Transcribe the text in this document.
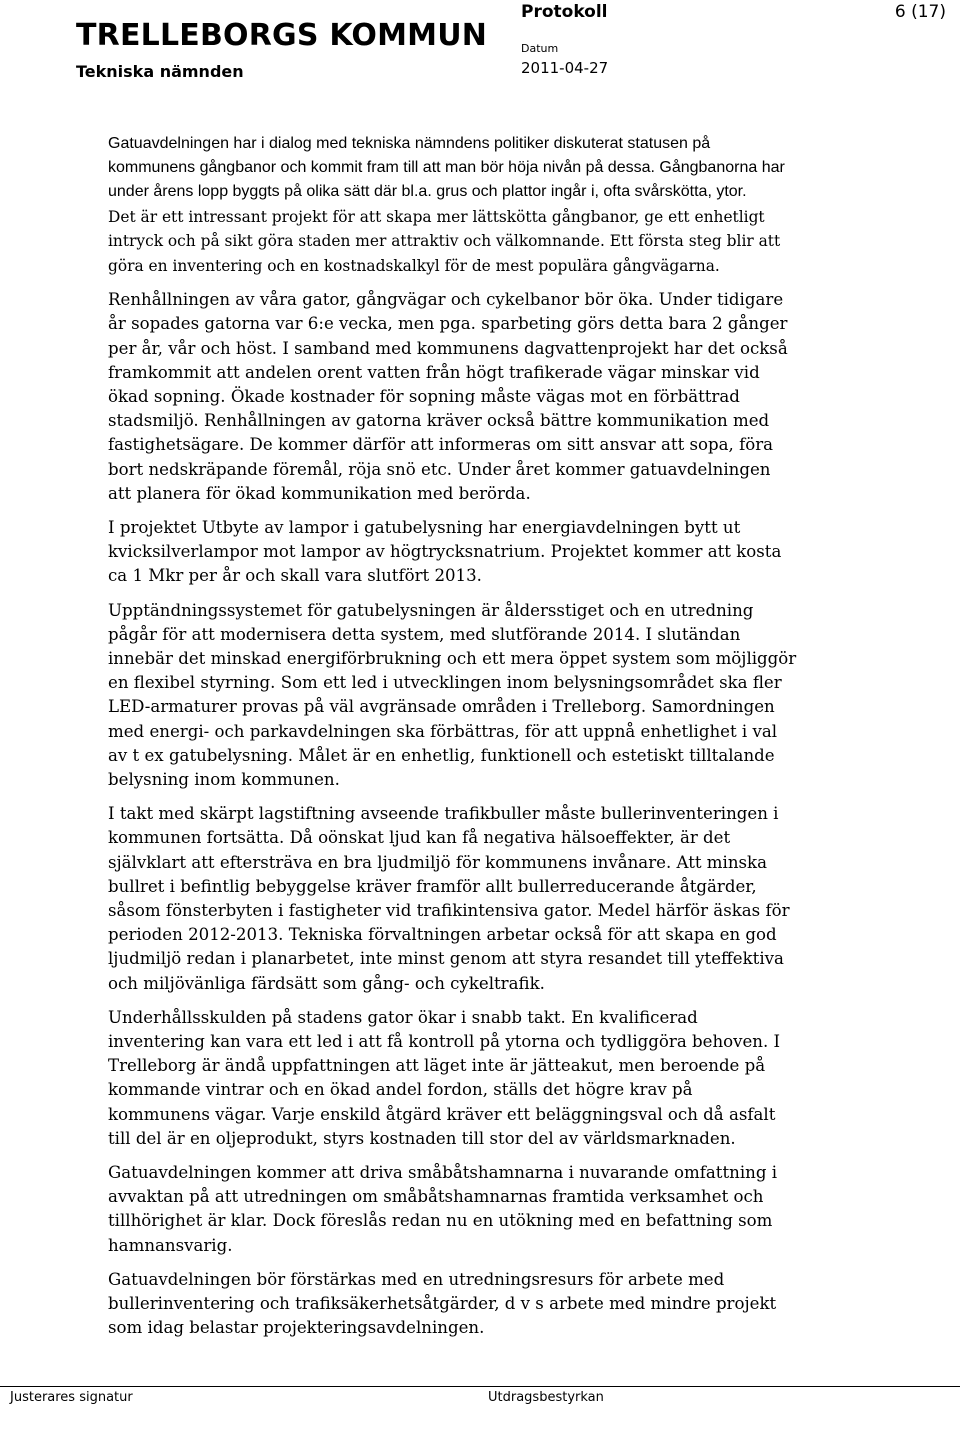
TRELLEBORGS KOMMUN
Tekniska nämnden
Protokoll	6 (17)
Datum
2011-04-27

Gatuavdelningen har i dialog med tekniska nämndens politiker diskuterat statusen på kommunens gångbanor och kommit fram till att man bör höja nivån på dessa. Gångbanorna har under årens lopp byggts på olika sätt där bl.a. grus och plattor ingår i, ofta svårskötta, ytor.

Det är ett intressant projekt för att skapa mer lättskötta gångbanor, ge ett enhetligt intryck och på sikt göra staden mer attraktiv och välkomnande. Ett första steg blir att göra en inventering och en kostnadskalkyl för de mest populära gångvägarna.

Renhållningen av våra gator, gångvägar och cykelbanor bör öka. Under tidigare år sopades gatorna var 6:e vecka, men pga. sparbeting görs detta bara 2 gånger per år, vår och höst. I samband med kommunens dagvattenprojekt har det också framkommit att andelen orent vatten från högt trafikerade vägar minskar vid ökad sopning. Ökade kostnader för sopning måste vägas mot en förbättrad stadsmiljö. Renhållningen av gatorna kräver också bättre kommunikation med fastighetsägare. De kommer därför att informeras om sitt ansvar att sopa, föra bort nedskräpande föremål, röja snö etc. Under året kommer gatuavdelningen att planera för ökad kommunikation med berörda.

I projektet Utbyte av lampor i gatubelysning har energiavdelningen bytt ut kvicksilverlampor mot lampor av högtrycksnatrium. Projektet kommer att kosta ca 1 Mkr per år och skall vara slutfört 2013.

Upptändningssystemet för gatubelysningen är åldersstiget och en utredning pågår för att modernisera detta system, med slutförande 2014. I slutändan innebär det minskad energiförbrukning och ett mera öppet system som möjliggör en flexibel styrning. Som ett led i utvecklingen inom belysningsområdet ska fler LED-armaturer provas på väl avgränsade områden i Trelleborg. Samordningen med energi- och parkavdelningen ska förbättras, för att uppnå enhetlighet i val av t ex gatubelysning. Målet är en enhetlig, funktionell och estetiskt tilltalande belysning inom kommunen.

I takt med skärpt lagstiftning avseende trafikbuller måste bullerinventeringen i kommunen fortsätta. Då oönskat ljud kan få negativa hälsoeffekter, är det självklart att eftersträva en bra ljudmiljö för kommunens invånare. Att minska bullret i befintlig bebyggelse kräver framför allt bullerreducerande åtgärder, såsom fönsterbyten i fastigheter vid trafikintensiva gator. Medel härför äskas för perioden 2012-2013. Tekniska förvaltningen arbetar också för att skapa en god ljudmiljö redan i planarbetet, inte minst genom att styra resandet till yteffektiva och miljövänliga färdsätt som gång- och cykeltrafik.

Underhållsskulden på stadens gator ökar i snabb takt. En kvalificerad inventering kan vara ett led i att få kontroll på ytorna och tydliggöra behoven. I Trelleborg är ändå uppfattningen att läget inte är jätteakut, men beroende på kommande vintrar och en ökad andel fordon, ställs det högre krav på kommunens vägar. Varje enskild åtgärd kräver ett beläggningsval och då asfalt till del är en oljeprodukt, styrs kostnaden till stor del av världsmarknaden.

Gatuavdelningen kommer att driva småbåtshamnarna i nuvarande omfattning i avvaktan på att utredningen om småbåtshamnarnas framtida verksamhet och tillhörighet är klar. Dock föreslås redan nu en utökning med en befattning som hamnansvarig.

Gatuavdelningen bör förstärkas med en utredningsresurs för arbete med bullerinventering och trafiksäkerhetsåtgärder, d v s arbete med mindre projekt som idag belastar projekteringsavdelningen.

Justerares signatur	Utdragsbestyrkan
